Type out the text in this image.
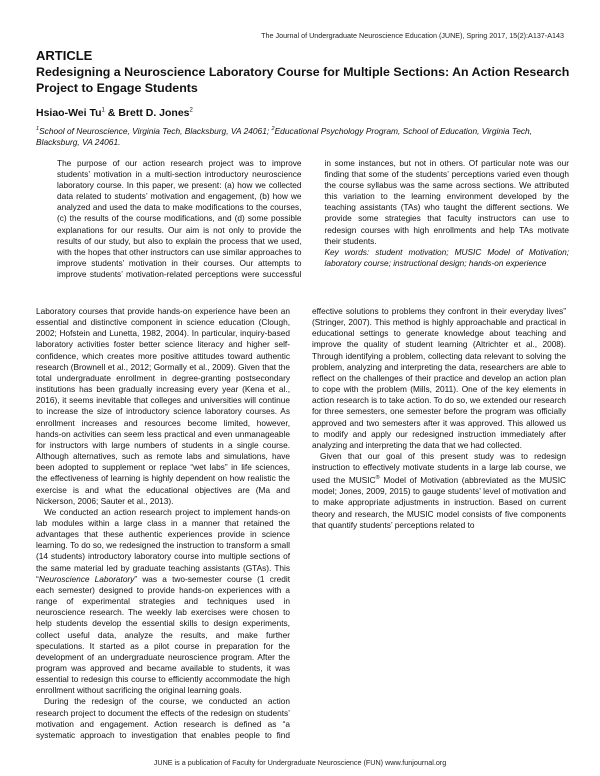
The Journal of Undergraduate Neuroscience Education (JUNE), Spring 2017, 15(2):A137-A143
ARTICLE
Redesigning a Neuroscience Laboratory Course for Multiple Sections: An Action Research Project to Engage Students
Hsiao-Wei Tu$^1$ & Brett D. Jones$^2$
$^1$School of Neuroscience, Virginia Tech, Blacksburg, VA 24061; $^2$Educational Psychology Program, School of Education, Virginia Tech, Blacksburg, VA 24061.
The purpose of our action research project was to improve students’ motivation in a multi-section introductory neuroscience laboratory course. In this paper, we present: (a) how we collected data related to students’ motivation and engagement, (b) how we analyzed and used the data to make modifications to the courses, (c) the results of the course modifications, and (d) some possible explanations for our results. Our aim is not only to provide the results of our study, but also to explain the process that we used, with the hopes that other instructors can use similar approaches to improve students’ motivation in their courses. Our attempts to improve students’ motivation-related perceptions were successful in some instances, but not in others. Of particular note was our finding that some of the students’ perceptions varied even though the course syllabus was the same across sections. We attributed this variation to the learning environment developed by the teaching assistants (TAs) who taught the different sections. We provide some strategies that faculty instructors can use to redesign courses with high enrollments and help TAs motivate their students.
Key words: student motivation; MUSIC Model of Motivation; laboratory course; instructional design; hands-on experience

Laboratory courses that provide hands-on experience have been an essential and distinctive component in science education (Clough, 2002; Hofstein and Lunetta, 1982, 2004). In particular, inquiry-based laboratory activities foster better science literacy and higher self-confidence, which creates more positive attitudes toward authentic research (Brownell et al., 2012; Gormally et al., 2009). Given that the total undergraduate enrollment in degree-granting postsecondary institutions has been gradually increasing every year (Kena et al., 2016), it seems inevitable that colleges and universities will continue to increase the size of introductory science laboratory courses. As enrollment increases and resources become limited, however, hands-on activities can seem less practical and even unmanageable for instructors with large numbers of students in a single course. Although alternatives, such as remote labs and simulations, have been adopted to supplement or replace “wet labs” in life sciences, the effectiveness of learning is highly dependent on how realistic the exercise is and what the educational objectives are (Ma and Nickerson, 2006; Sauter et al., 2013).

We conducted an action research project to implement hands-on lab modules within a large class in a manner that retained the advantages that these authentic experiences provide in science learning. To do so, we redesigned the instruction to transform a small (14 students) introductory laboratory course into multiple sections of the same material led by graduate teaching assistants (GTAs). This “Neuroscience Laboratory” was a two-semester course (1 credit each semester) designed to provide hands-on experiences with a range of experimental strategies and techniques used in neuroscience research. The weekly lab exercises were chosen to help students develop the essential skills to design experiments, collect useful data, analyze the results, and make further speculations. It started as a pilot course in preparation for the development of an undergraduate neuroscience program. After the program was approved and became available to students, it was essential to redesign this course to efficiently accommodate the high enrollment without sacrificing the original learning goals.

During the redesign of the course, we conducted an action research project to document the effects of the redesign on students’ motivation and engagement. Action research is defined as “a systematic approach to investigation that enables people to find effective solutions to problems they confront in their everyday lives” (Stringer, 2007). This method is highly approachable and practical in educational settings to generate knowledge about teaching and improve the quality of student learning (Altrichter et al., 2008). Through identifying a problem, collecting data relevant to solving the problem, analyzing and interpreting the data, researchers are able to reflect on the challenges of their practice and develop an action plan to cope with the problem (Mills, 2011). One of the key elements in action research is to take action. To do so, we extended our research for three semesters, one semester before the program was officially approved and two semesters after it was approved. This allowed us to modify and apply our redesigned instruction immediately after analyzing and interpreting the data that we had collected.

Given that our goal of this present study was to redesign instruction to effectively motivate students in a large lab course, we used the MUSIC® Model of Motivation (abbreviated as the MUSIC model; Jones, 2009, 2015) to gauge students’ level of motivation and to make appropriate adjustments in instruction. Based on current theory and research, the MUSIC model consists of five components that quantify students’ perceptions related to

JUNE is a publication of Faculty for Undergraduate Neuroscience (FUN) www.funjournal.org
